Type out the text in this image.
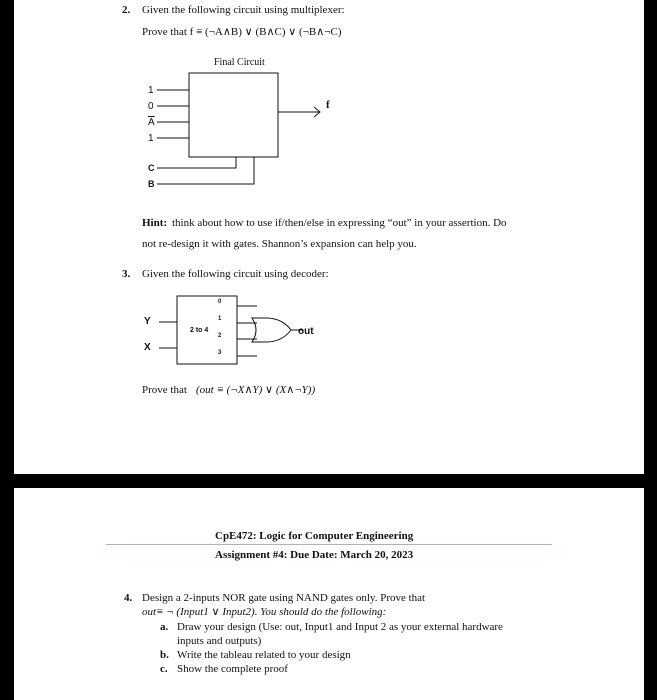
2. Given the following circuit using multiplexer:
Prove that f ≡ (¬A∧B) ∨ (B∧C) ∨ (¬B∧¬C)
Final Circuit
1
0
$\overline{A}$
1
C
B
f
Hint: think about how to use if/then/else in expressing “out” in your assertion. Do
not re-design it with gates. Shannon’s expansion can help you.
3. Given the following circuit using decoder:
Y
X
2 to 4
0
1
2
3
out
Prove that (out ≡ (¬X∧Y) ∨ (X∧¬Y))
CpE472: Logic for Computer Engineering
Assignment #4: Due Date: March 20, 2023
4. Design a 2-inputs NOR gate using NAND gates only. Prove that
out≡ ¬ (Input1 ∨ Input2). You should do the following:
a. Draw your design (Use: out, Input1 and Input 2 as your external hardware
inputs and outputs)
b. Write the tableau related to your design
c. Show the complete proof
